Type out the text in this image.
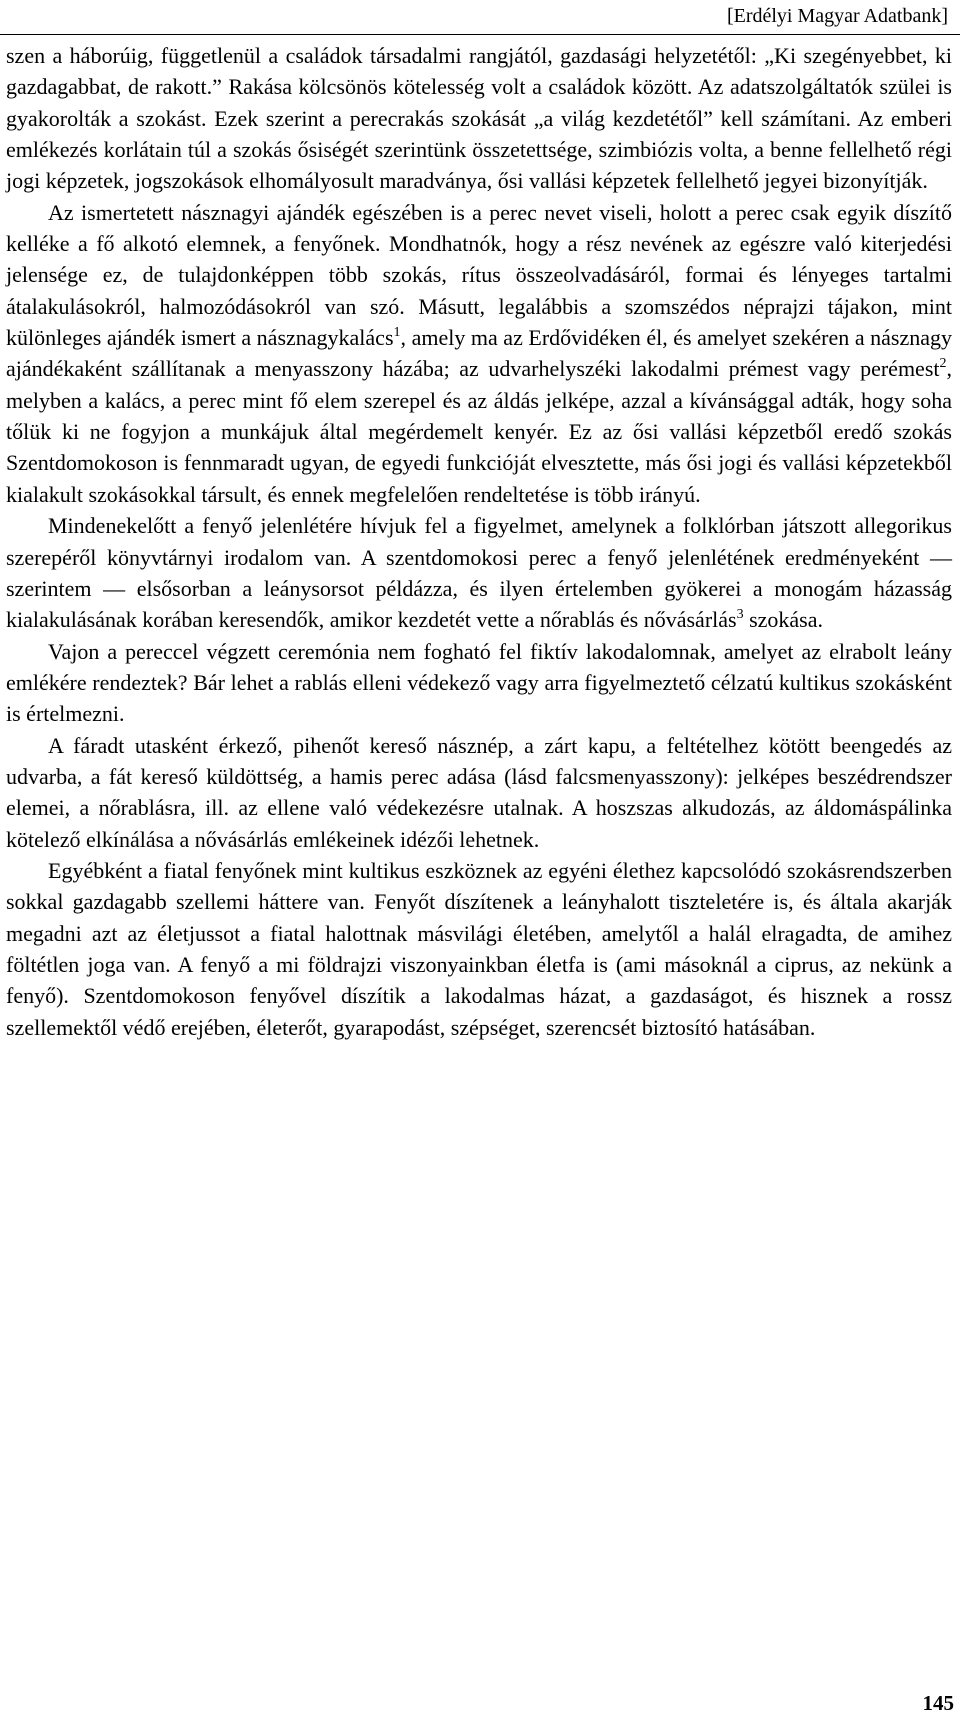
[Erdélyi Magyar Adatbank]

szen a háborúig, függetlenül a családok társadalmi rangjától, gazdasági helyzetétől: „Ki szegényebbet, ki gazdagabbat, de rakott.” Rakása kölcsönös kötelesség volt a családok között. Az adatszolgáltatók szülei is gyakorolták a szokást. Ezek szerint a perecrakás szokását „a világ kezdetétől” kell számítani. Az emberi emlékezés korlátain túl a szokás ősiségét szerintünk összetettsége, szimbiózis volta, a benne fellelhető régi jogi képzetek, jogszokások elhomályosult maradványa, ősi vallási képzetek fellelhető jegyei bizonyítják.

Az ismertetett násznagyi ajándék egészében is a perec nevet viseli, holott a perec csak egyik díszítő kelléke a fő alkotó elemnek, a fenyőnek. Mondhatnók, hogy a rész nevének az egészre való kiterjedési jelensége ez, de tulajdonképpen több szokás, rítus összeolvadásáról, formai és lényeges tartalmi átalakulásokról, halmozódásokról van szó. Másutt, legalábbis a szomszédos néprajzi tájakon, mint különleges ajándék ismert a násznagykalács$^1$, amely ma az Erdővidéken él, és amelyet szekéren a násznagy ajándékaként szállítanak a menyasszony házába; az udvarhelyszéki lakodalmi prémest vagy perémest$^2$, melyben a kalács, a perec mint fő elem szerepel és az áldás jelképe, azzal a kívánsággal adták, hogy soha tőlük ki ne fogyjon a munkájuk által megérdemelt kenyér. Ez az ősi vallási képzetből eredő szokás Szentdomokoson is fennmaradt ugyan, de egyedi funkcióját elvesztette, más ősi jogi és vallási képzetekből kialakult szokásokkal társult, és ennek megfelelően rendeltetése is több irányú.

Mindenekelőtt a fenyő jelenlétére hívjuk fel a figyelmet, amelynek a folklórban játszott allegorikus szerepéről könyvtárnyi irodalom van. A szentdomokosi perec a fenyő jelenlétének eredményeként — szerintem — elsősorban a leánysorsot példázza, és ilyen értelemben gyökerei a monogám házasság kialakulásának korában keresendők, amikor kezdetét vette a nőrablás és nővásárlás$^3$ szokása.

Vajon a pereccel végzett ceremónia nem fogható fel fiktív lakodalomnak, amelyet az elrabolt leány emlékére rendeztek? Bár lehet a rablás elleni védekező vagy arra figyelmeztető célzatú kultikus szokásként is értelmezni.

A fáradt utasként érkező, pihenőt kereső násznép, a zárt kapu, a feltételhez kötött beengedés az udvarba, a fát kereső küldöttség, a hamis perec adása (lásd falcsmenyasszony): jelképes beszédrendszer elemei, a nőrablásra, ill. az ellene való védekezésre utalnak. A hoszszas alkudozás, az áldomáspálinka kötelező elkínálása a nővásárlás emlékeinek idézői lehetnek.

Egyébként a fiatal fenyőnek mint kultikus eszköznek az egyéni élethez kapcsolódó szokásrendszerben sokkal gazdagabb szellemi háttere van. Fenyőt díszítenek a leányhalott tiszteletére is, és általa akarják megadni azt az életjussot a fiatal halottnak másvilági életében, amelytől a halál elragadta, de amihez föltétlen joga van. A fenyő a mi földrajzi viszonyainkban életfa is (ami másoknál a ciprus, az nekünk a fenyő). Szentdomokoson fenyővel díszítik a lakodalmas házat, a gazdaságot, és hisznek a rossz szellemektől védő erejében, életerőt, gyarapodást, szépséget, szerencsét biztosító hatásában.

145
